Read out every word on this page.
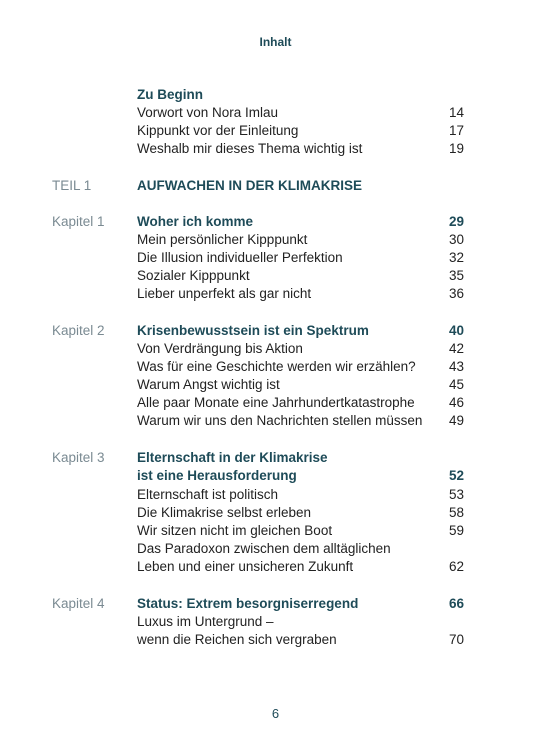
Inhalt
Zu Beginn
Vorwort von Nora Imlau	14
Kippunkt vor der Einleitung	17
Weshalb mir dieses Thema wichtig ist	19
TEIL 1	AUFWACHEN IN DER KLIMAKRISE
Kapitel 1 Woher ich komme	29
Mein persönlicher Kipppunkt	30
Die Illusion individueller Perfektion	32
Sozialer Kipppunkt	35
Lieber unperfekt als gar nicht	36
Kapitel 2 Krisenbewusstsein ist ein Spektrum	40
Von Verdrängung bis Aktion	42
Was für eine Geschichte werden wir erzählen? 43
Warum Angst wichtig ist	45
Alle paar Monate eine Jahrhundertkatastrophe	46
Warum wir uns den Nachrichten stellen müssen 49
Kapitel 3 Elternschaft in der Klimakrise
ist eine Herausforderung	52
Elternschaft ist politisch	53
Die Klimakrise selbst erleben	58
Wir sitzen nicht im gleichen Boot	59
Das Paradoxon zwischen dem alltäglichen
Leben und einer unsicheren Zukunft	62
Kapitel 4 Status: Extrem besorgniserregend	66
Luxus im Untergrund –
wenn die Reichen sich vergraben	70
6
